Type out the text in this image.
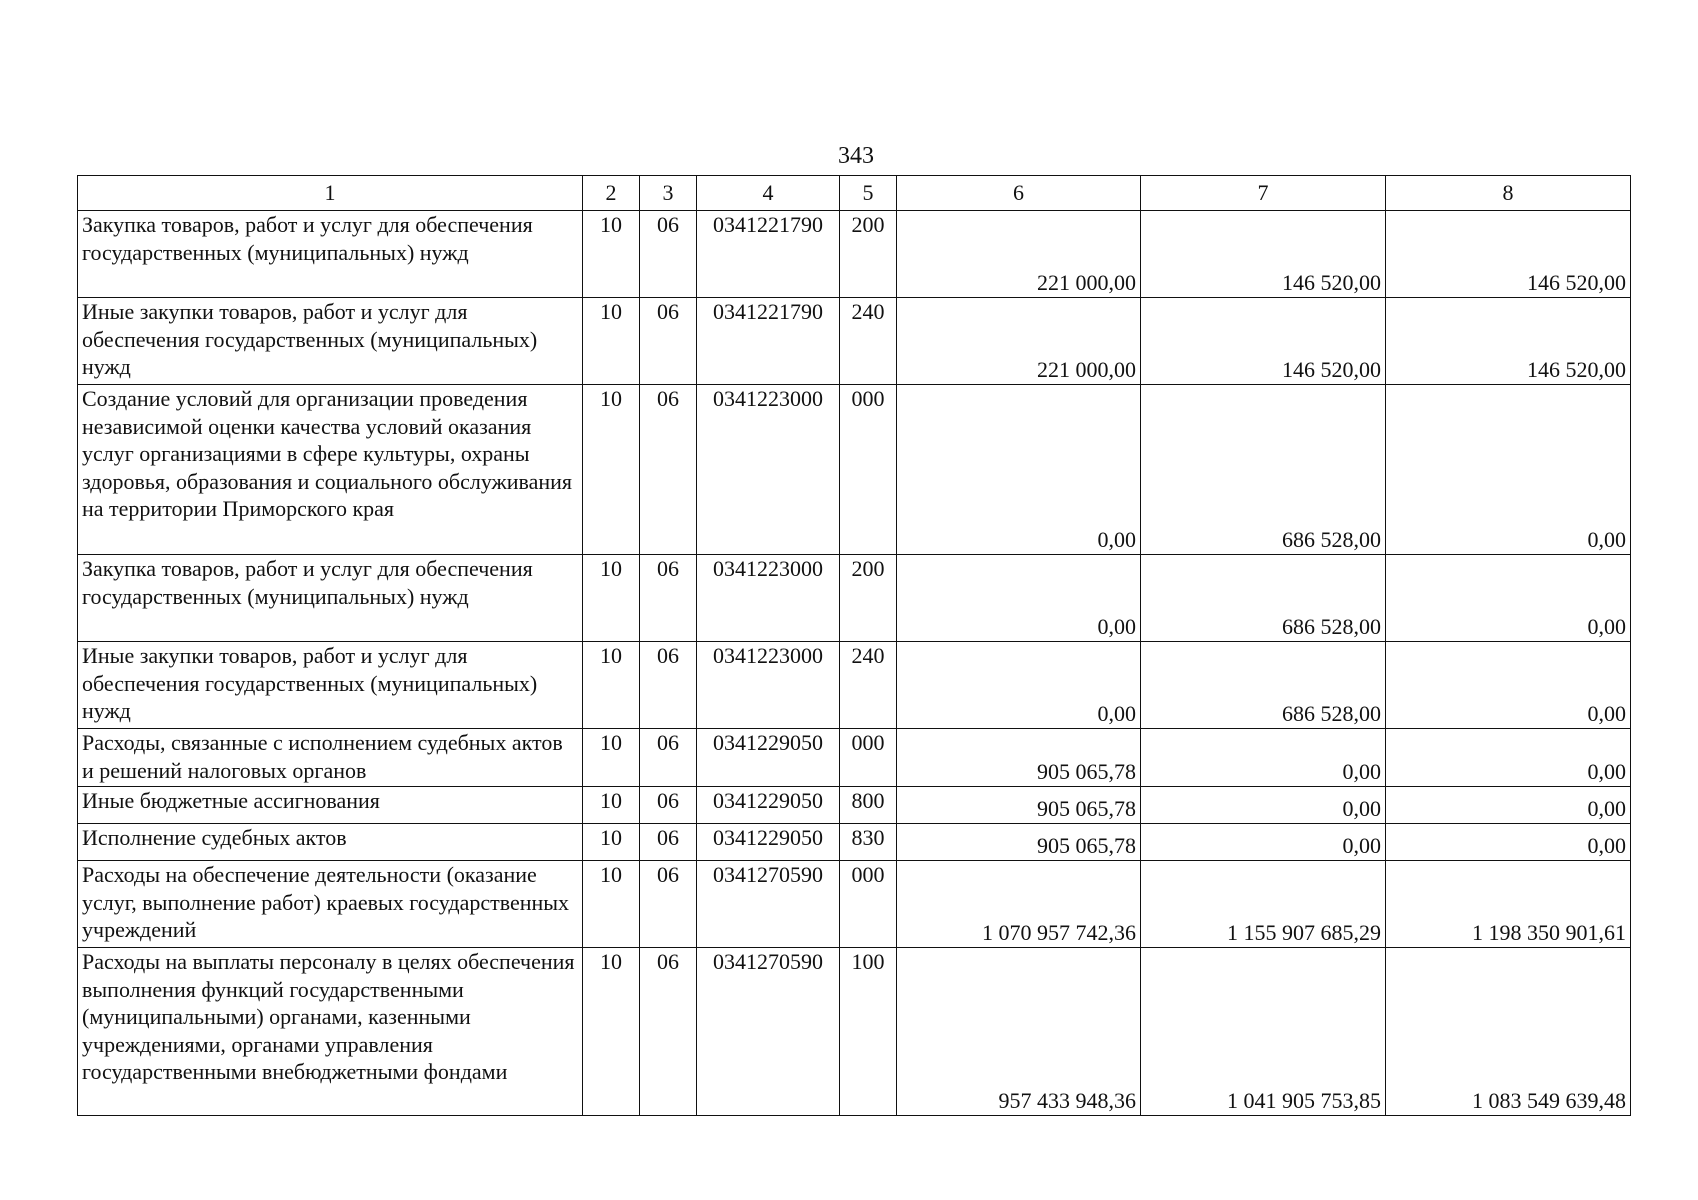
343
1	2	3	4	5	6	7	8
Закупка товаров, работ и услуг для обеспечения государственных (муниципальных) нужд	10	06	0341221790	200	221 000,00	146 520,00	146 520,00
Иные закупки товаров, работ и услуг для обеспечения государственных (муниципальных) нужд	10	06	0341221790	240	221 000,00	146 520,00	146 520,00
Создание условий для организации проведения независимой оценки качества условий оказания услуг организациями в сфере культуры, охраны здоровья, образования и социального обслуживания на территории Приморского края	10	06	0341223000	000	0,00	686 528,00	0,00
Закупка товаров, работ и услуг для обеспечения государственных (муниципальных) нужд	10	06	0341223000	200	0,00	686 528,00	0,00
Иные закупки товаров, работ и услуг для обеспечения государственных (муниципальных) нужд	10	06	0341223000	240	0,00	686 528,00	0,00
Расходы, связанные с исполнением судебных актов и решений налоговых органов	10	06	0341229050	000	905 065,78	0,00	0,00
Иные бюджетные ассигнования	10	06	0341229050	800	905 065,78	0,00	0,00
Исполнение судебных актов	10	06	0341229050	830	905 065,78	0,00	0,00
Расходы на обеспечение деятельности (оказание услуг, выполнение работ) краевых государственных учреждений	10	06	0341270590	000	1 070 957 742,36	1 155 907 685,29	1 198 350 901,61
Расходы на выплаты персоналу в целях обеспечения выполнения функций государственными (муниципальными) органами, казенными учреждениями, органами управления государственными внебюджетными фондами	10	06	0341270590	100	957 433 948,36	1 041 905 753,85	1 083 549 639,48
